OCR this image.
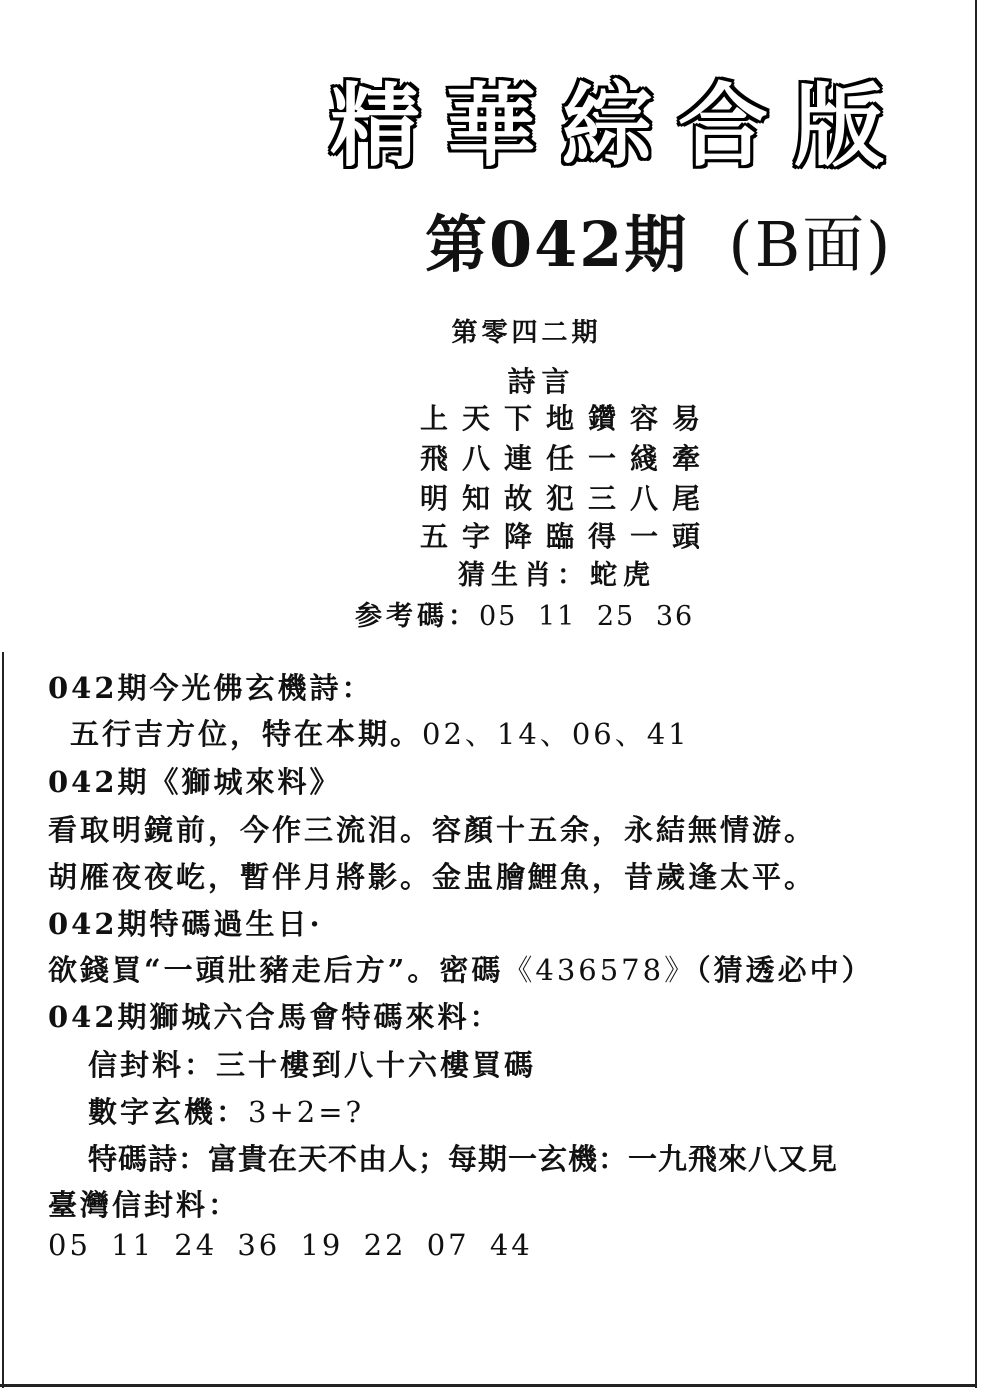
精華綜合版
第042期 (B面)
第零四二期
詩言
上天下地鑽容易
飛八連任一綫牽
明知故犯三八尾
五字降臨得一頭
猜生肖：蛇虎
参考碼：05 11 25 36
042期今光佛玄機詩：
五行吉方位，特在本期。02、14、06、41
042期《獅城來料》
看取明鏡前，今作三流泪。容顏十五余，永結無情游。
胡雁夜夜屹，暫伴月將影。金盅膾鯉魚，昔歲逢太平。
042期特碼過生日·
欲錢買“一頭壯豬走后方”。密碼《436578》（猜透必中）
042期獅城六合馬會特碼來料：
信封料：三十樓到八十六樓買碼
數字玄機：3+2=?
特碼詩：富貴在天不由人；每期一玄機：一九飛來八又見
臺灣信封料：
05 11 24 36 19 22 07 44
